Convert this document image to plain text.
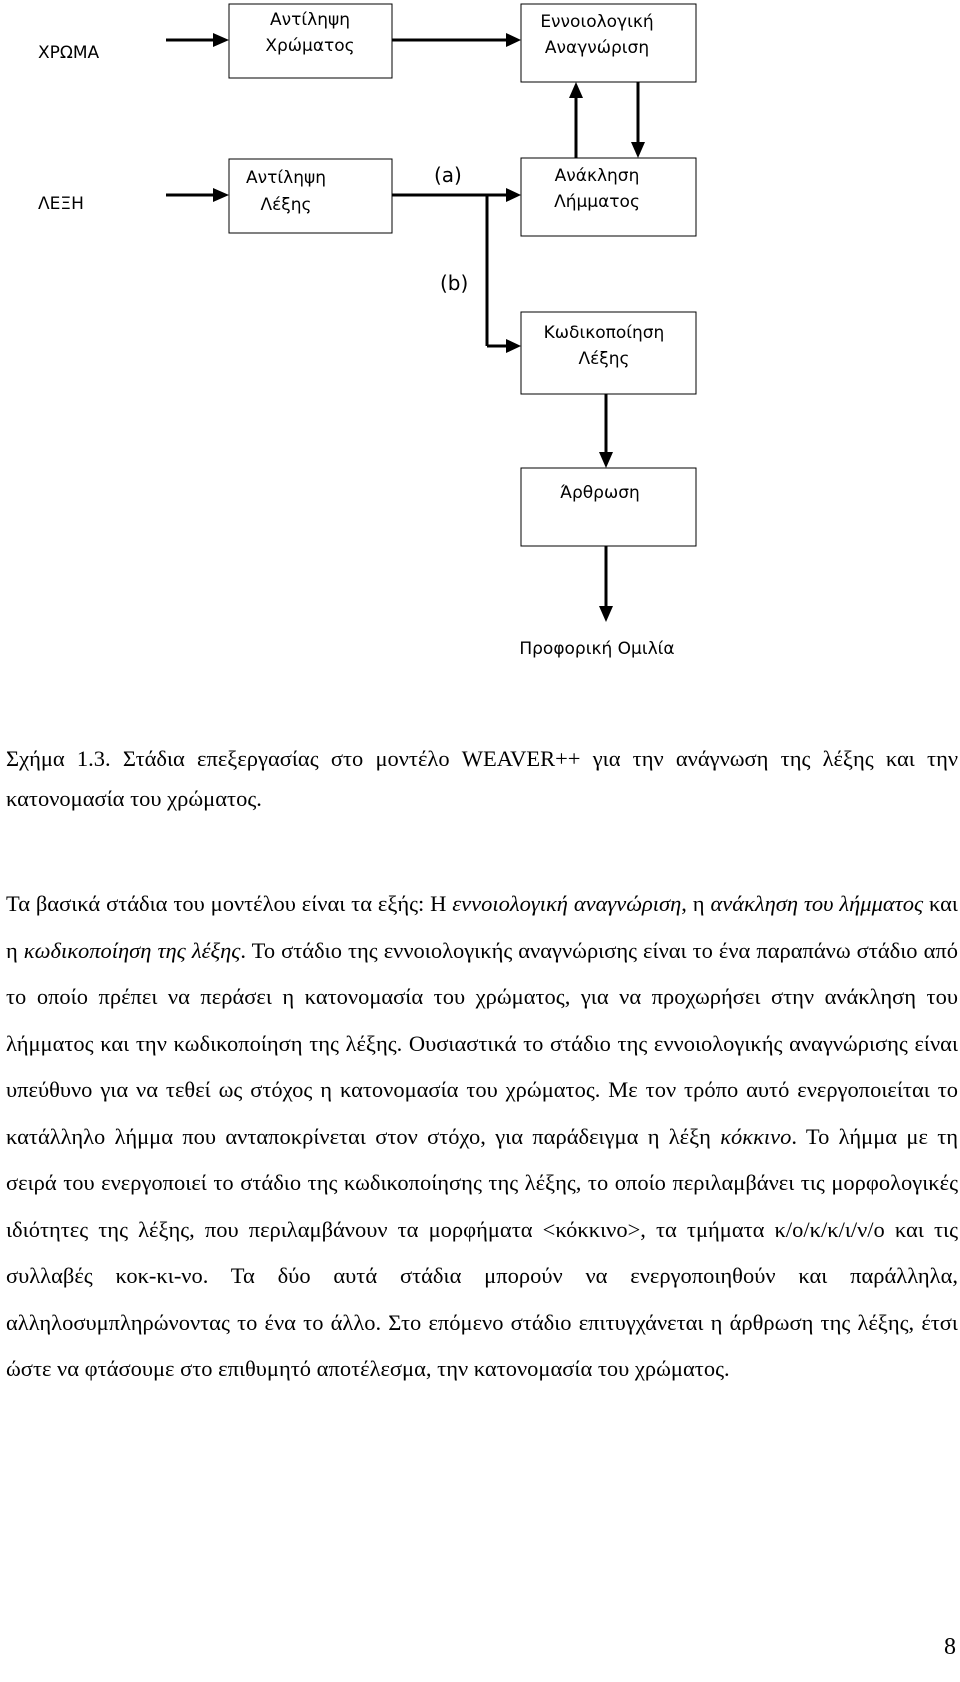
ΧΡΩΜΑ
ΛΕΞΗ
Αντίληψη
Χρώματος
Αντίληψη
Λέξης
Εννοιολογική
Αναγνώριση
Ανάκληση
Λήμματος
Κωδικοποίηση
Λέξης
Άρθρωση
(a)
(b)
Προφορική Ομιλία
Σχήμα 1.3. Στάδια επεξεργασίας στο μοντέλο WEAVER++ για την ανάγνωση της λέξης και την κατονομασία του χρώματος.
Τα βασικά στάδια του μοντέλου είναι τα εξής: Η εννοιολογική αναγνώριση, η ανάκληση του λήμματος και η κωδικοποίηση της λέξης. Το στάδιο της εννοιολογικής αναγνώρισης είναι το ένα παραπάνω στάδιο από το οποίο πρέπει να περάσει η κατονομασία του χρώματος, για να προχωρήσει στην ανάκληση του λήμματος και την κωδικοποίηση της λέξης. Ουσιαστικά το στάδιο της εννοιολογικής αναγνώρισης είναι υπεύθυνο για να τεθεί ως στόχος η κατονομασία του χρώματος. Με τον τρόπο αυτό ενεργοποιείται το κατάλληλο λήμμα που ανταποκρίνεται στον στόχο, για παράδειγμα η λέξη κόκκινο. Το λήμμα με τη σειρά του ενεργοποιεί το στάδιο της κωδικοποίησης της λέξης, το οποίο περιλαμβάνει τις μορφολογικές ιδιότητες της λέξης, που περιλαμβάνουν τα μορφήματα <κόκκινο>, τα τμήματα κ/ο/κ/κ/ι/ν/ο και τις συλλαβές κοκ-κι-νο. Τα δύο αυτά στάδια μπορούν να ενεργοποιηθούν και παράλληλα, αλληλοσυμπληρώνοντας το ένα το άλλο. Στο επόμενο στάδιο επιτυγχάνεται η άρθρωση της λέξης, έτσι ώστε να φτάσουμε στο επιθυμητό αποτέλεσμα, την κατονομασία του χρώματος.
8
